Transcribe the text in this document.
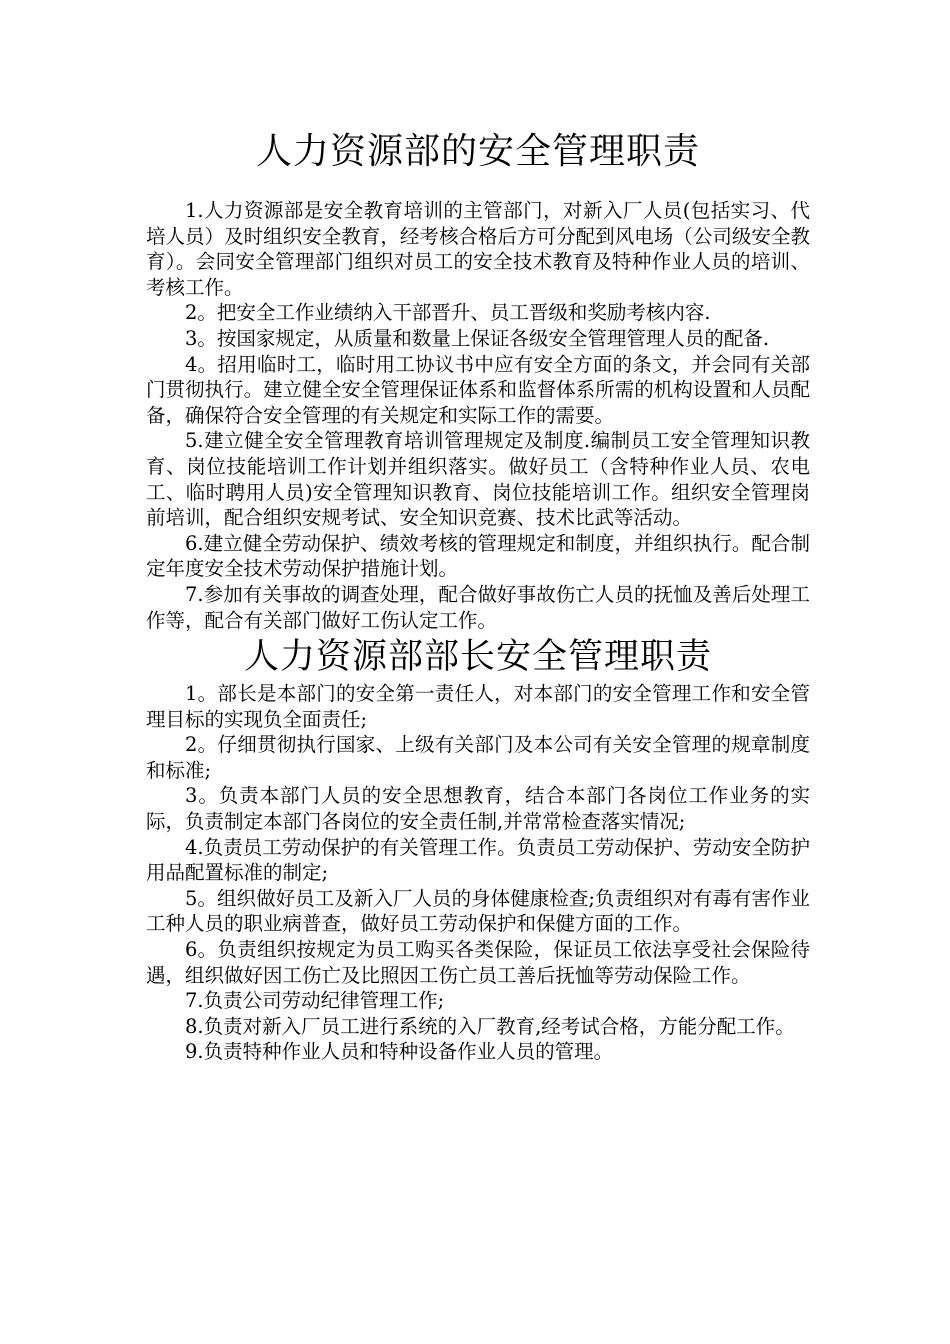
人力资源部的安全管理职责

1.人力资源部是安全教育培训的主管部门，对新入厂人员(包括实习、代培人员）及时组织安全教育，经考核合格后方可分配到风电场（公司级安全教育）。会同安全管理部门组织对员工的安全技术教育及特种作业人员的培训、考核工作。

2。把安全工作业绩纳入干部晋升、员工晋级和奖励考核内容.

3。按国家规定，从质量和数量上保证各级安全管理管理人员的配备.

4。招用临时工，临时用工协议书中应有安全方面的条文，并会同有关部门贯彻执行。建立健全安全管理保证体系和监督体系所需的机构设置和人员配备，确保符合安全管理的有关规定和实际工作的需要。

5.建立健全安全管理教育培训管理规定及制度.编制员工安全管理知识教育、岗位技能培训工作计划并组织落实。做好员工（含特种作业人员、农电工、临时聘用人员)安全管理知识教育、岗位技能培训工作。组织安全管理岗前培训，配合组织安规考试、安全知识竞赛、技术比武等活动。

6.建立健全劳动保护、绩效考核的管理规定和制度，并组织执行。配合制定年度安全技术劳动保护措施计划。

7.参加有关事故的调查处理，配合做好事故伤亡人员的抚恤及善后处理工作等，配合有关部门做好工伤认定工作。

人力资源部部长安全管理职责

1。部长是本部门的安全第一责任人，对本部门的安全管理工作和安全管理目标的实现负全面责任;

2。仔细贯彻执行国家、上级有关部门及本公司有关安全管理的规章制度和标准;

3。负责本部门人员的安全思想教育，结合本部门各岗位工作业务的实际，负责制定本部门各岗位的安全责任制,并常常检查落实情况;

4.负责员工劳动保护的有关管理工作。负责员工劳动保护、劳动安全防护用品配置标准的制定;

5。组织做好员工及新入厂人员的身体健康检查;负责组织对有毒有害作业工种人员的职业病普查，做好员工劳动保护和保健方面的工作。

6。负责组织按规定为员工购买各类保险，保证员工依法享受社会保险待遇，组织做好因工伤亡及比照因工伤亡员工善后抚恤等劳动保险工作。

7.负责公司劳动纪律管理工作;

8.负责对新入厂员工进行系统的入厂教育,经考试合格，方能分配工作。

9.负责特种作业人员和特种设备作业人员的管理。
